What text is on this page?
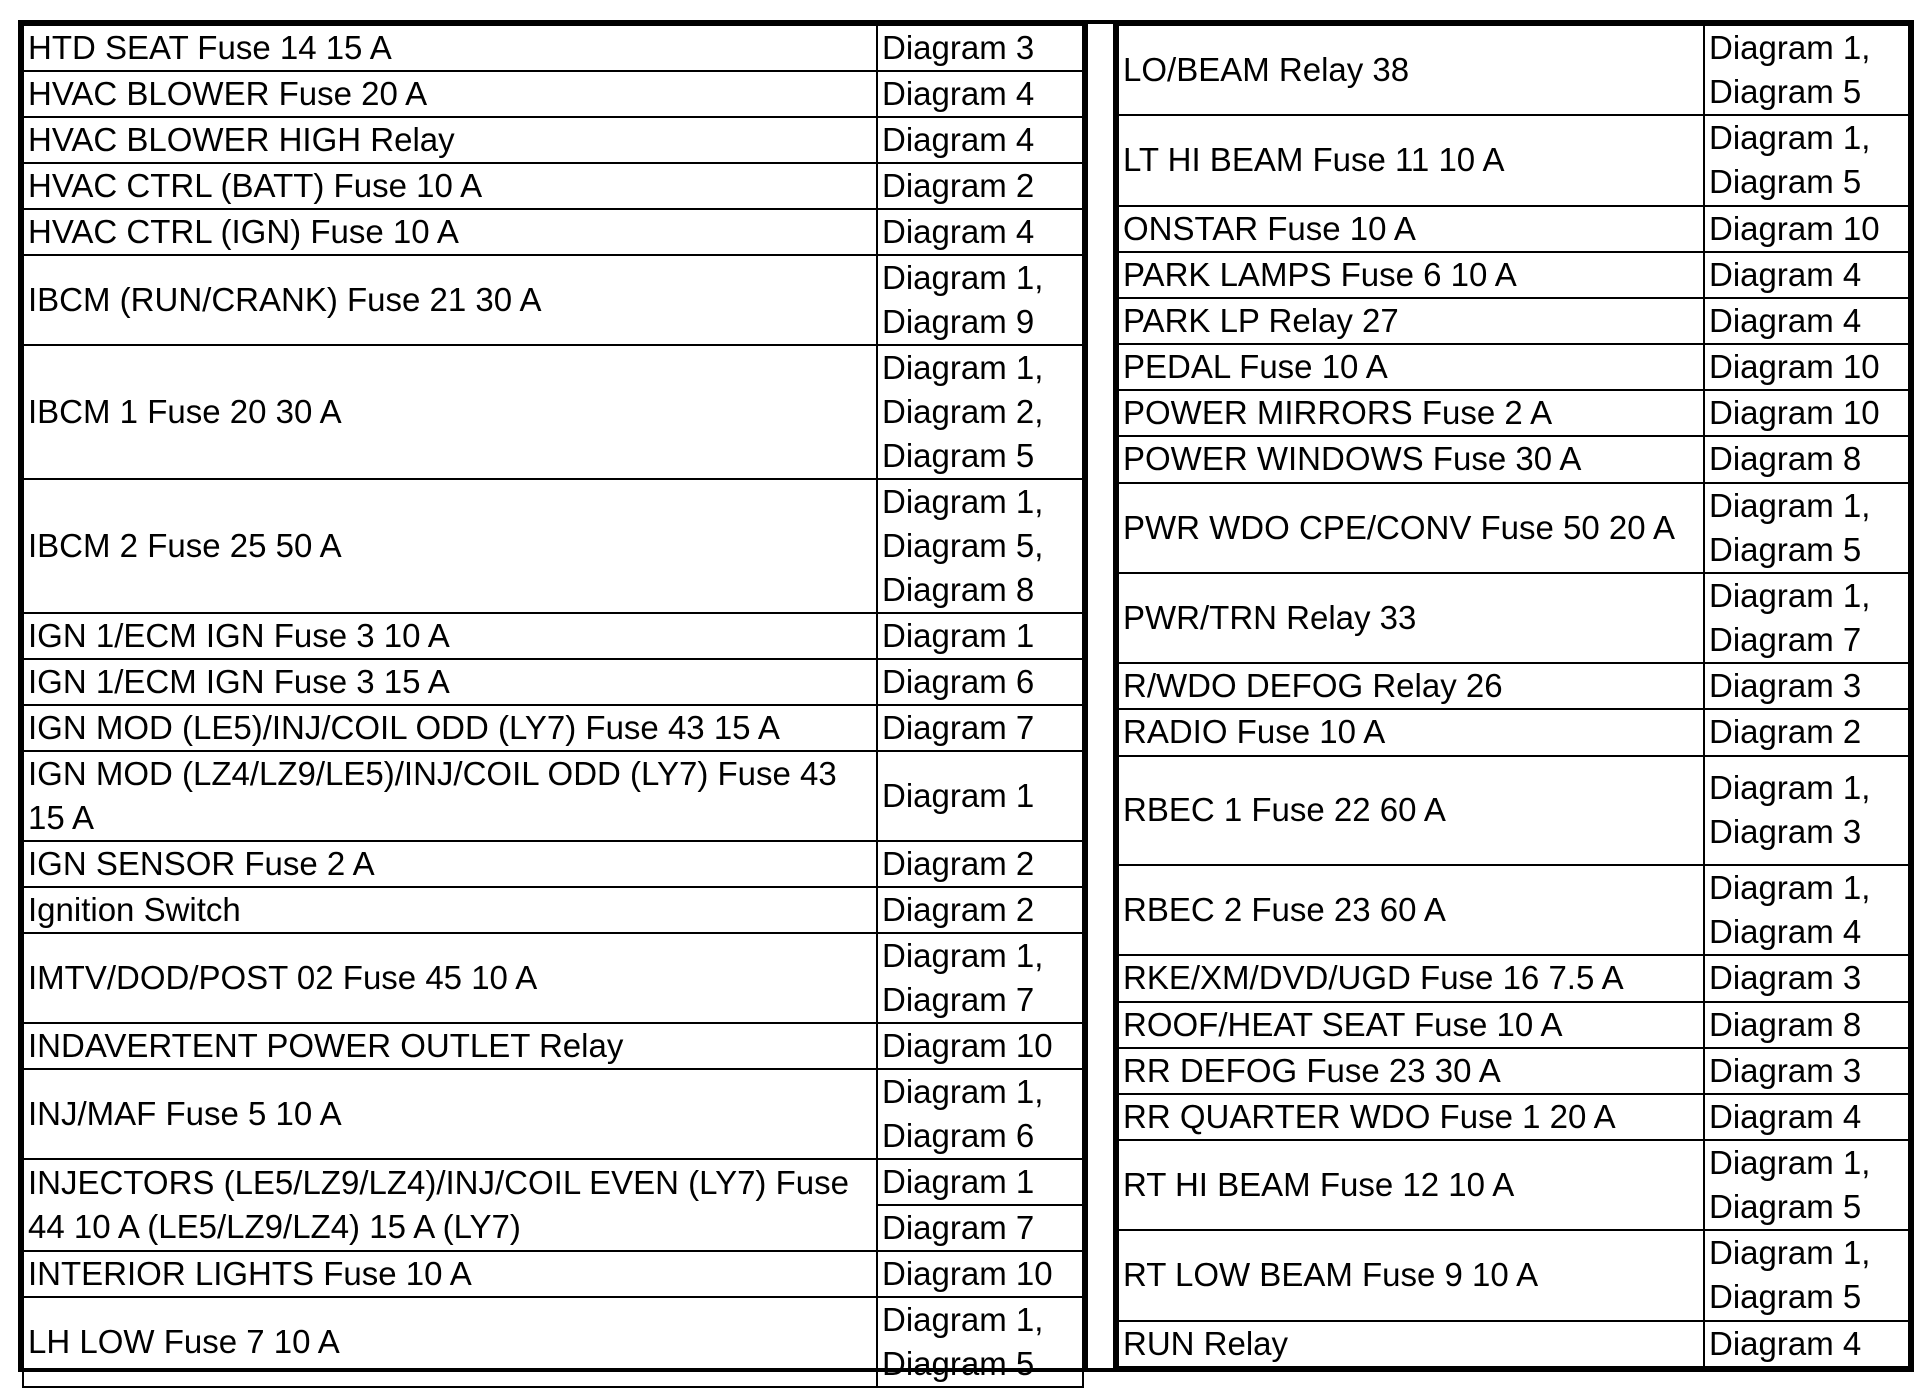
HTD SEAT Fuse 14 15 A	Diagram 3

HVAC BLOWER Fuse 20 A	Diagram 4

HVAC BLOWER HIGH Relay	Diagram 4

HVAC CTRL (BATT) Fuse 10 A	Diagram 2

HVAC CTRL (IGN) Fuse 10 A	Diagram 4

IBCM (RUN/CRANK) Fuse 21 30 A	Diagram 1,
Diagram 9

IBCM 1 Fuse 20 30 A	Diagram 1,
Diagram 2,
Diagram 5

IBCM 2 Fuse 25 50 A	Diagram 1,
Diagram 5,
Diagram 8

IGN 1/ECM IGN Fuse 3 10 A	Diagram 1

IGN 1/ECM IGN Fuse 3 15 A	Diagram 6

IGN MOD (LE5)/INJ/COIL ODD (LY7) Fuse 43 15 A	Diagram 7

IGN MOD (LZ4/LZ9/LE5)/INJ/COIL ODD (LY7) Fuse 43 15 A	Diagram 1

IGN SENSOR Fuse 2 A	Diagram 2

Ignition Switch	Diagram 2

IMTV/DOD/POST 02 Fuse 45 10 A	Diagram 1,
Diagram 7

INDAVERTENT POWER OUTLET Relay	Diagram 10

INJ/MAF Fuse 5 10 A	Diagram 1,
Diagram 6

INJECTORS (LE5/LZ9/LZ4)/INJ/COIL EVEN (LY7) Fuse 44 10 A (LE5/LZ9/LZ4) 15 A (LY7)	Diagram 1
	Diagram 7
INTERIOR LIGHTS Fuse 10 A	Diagram 10

LH LOW Fuse 7 10 A	Diagram 1,
Diagram 5
LO/BEAM Relay 38	Diagram 1,
Diagram 5

LT HI BEAM Fuse 11 10 A	Diagram 1,
Diagram 5

ONSTAR Fuse 10 A	Diagram 10

PARK LAMPS Fuse 6 10 A	Diagram 4

PARK LP Relay 27	Diagram 4

PEDAL Fuse 10 A	Diagram 10

POWER MIRRORS Fuse 2 A	Diagram 10

POWER WINDOWS Fuse 30 A	Diagram 8

PWR WDO CPE/CONV Fuse 50 20 A	Diagram 1,
Diagram 5

PWR/TRN Relay 33	Diagram 1,
Diagram 7

R/WDO DEFOG Relay 26	Diagram 3

RADIO Fuse 10 A	Diagram 2

RBEC 1 Fuse 22 60 A	Diagram 1,
Diagram 3

RBEC 2 Fuse 23 60 A	Diagram 1,
Diagram 4

RKE/XM/DVD/UGD Fuse 16 7.5 A	Diagram 3

ROOF/HEAT SEAT Fuse 10 A	Diagram 8

RR DEFOG Fuse 23 30 A	Diagram 3

RR QUARTER WDO Fuse 1 20 A	Diagram 4

RT HI BEAM Fuse 12 10 A	Diagram 1,
Diagram 5

RT LOW BEAM Fuse 9 10 A	Diagram 1,
Diagram 5

RUN Relay	Diagram 4
